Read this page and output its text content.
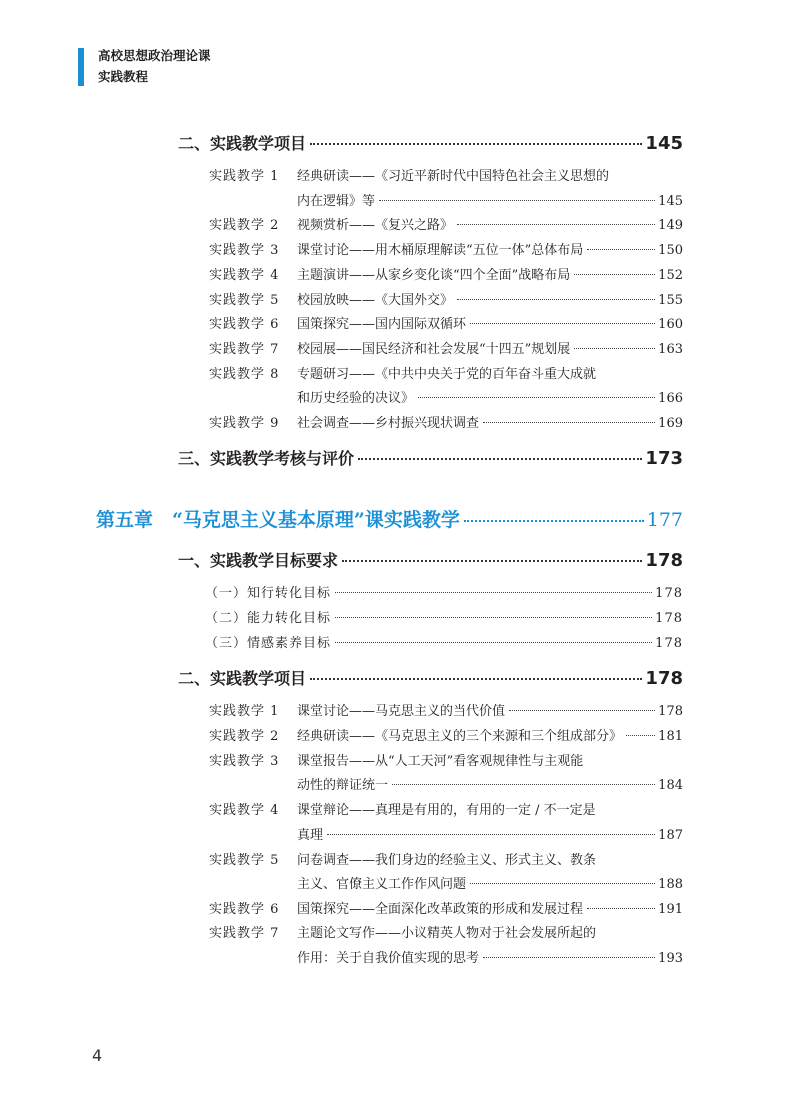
高校思想政治理论课
实践教程
二、实践教学项目	145
实践教学 1 经典研读——《习近平新时代中国特色社会主义思想的
内在逻辑》等	145
实践教学 2	视频赏析——《复兴之路》	149
实践教学 3	课堂讨论——用木桶原理解读“五位一体”总体布局	150
实践教学 4	主题演讲——从家乡变化谈“四个全面”战略布局	152
实践教学 5	校园放映——《大国外交》	155
实践教学 6	国策探究——国内国际双循环	160
实践教学 7	校园展——国民经济和社会发展“十四五”规划展	163
实践教学 8 专题研习——《中共中央关于党的百年奋斗重大成就
和历史经验的决议》	166
实践教学 9	社会调查——乡村振兴现状调查	169
三、实践教学考核与评价	173
第五章　“马克思主义基本原理”课实践教学	177
一、实践教学目标要求	178
（一）知行转化目标	178
（二）能力转化目标	178
（三）情感素养目标	178
二、实践教学项目	178
实践教学 1	课堂讨论——马克思主义的当代价值	178
实践教学 2	经典研读——《马克思主义的三个来源和三个组成部分》	181
实践教学 3 课堂报告——从“人工天河”看客观规律性与主观能
动性的辩证统一	184
实践教学 4 课堂辩论——真理是有用的，有用的一定 / 不一定是
真理	187
实践教学 5 问卷调查——我们身边的经验主义、形式主义、教条
主义、官僚主义工作作风问题	188
实践教学 6	国策探究——全面深化改革政策的形成和发展过程	191
实践教学 7 主题论文写作——小议精英人物对于社会发展所起的
作用：关于自我价值实现的思考	193
4
